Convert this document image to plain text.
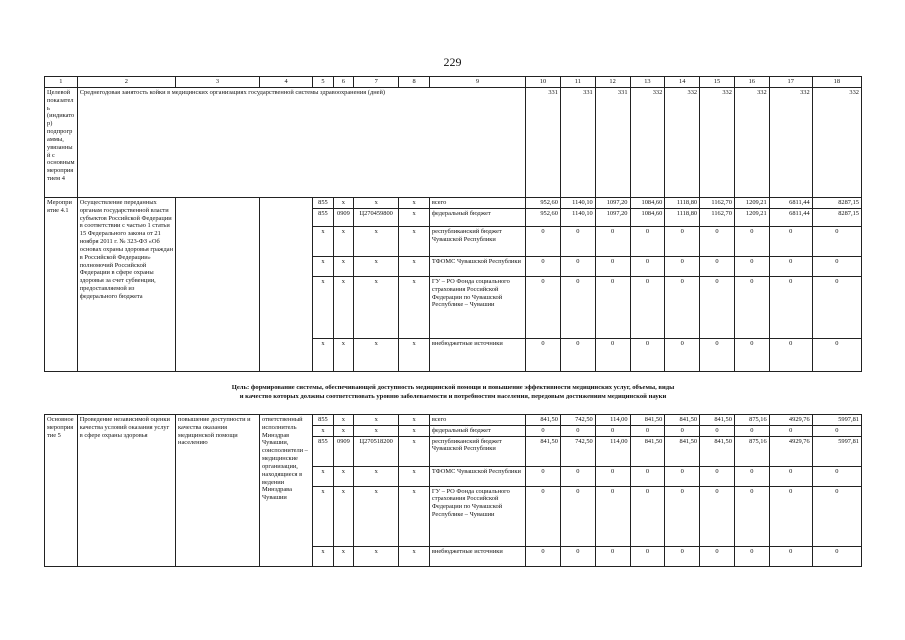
229
1	2	3	4	5	6	7	8	9	10	11	12	13	14	15	16	17	18
Целевой показатель (индикатор) подпрограммы, увязанный с основным мероприятием 4	Среднегодовая занятость койки в медицинских организациях государственной системы здравоохранения (дней)								331	331	331	332	332	332	332	332	332
Мероприятие 4.1	Осуществление переданных органам государственной власти субъектов Российской Федерации в соответствии с частью 1 статьи 15 Федерального закона от 21 ноября 2011 г. № 323-ФЗ «Об основах охраны здоровья граждан в Российской Федерации» полномочий Российской Федерации в сфере охраны здоровья за счет субвенции, предоставляемой из федерального бюджета			855	х	х	х	всего	952,60	1140,10	1097,20	1084,60	1118,80	1162,70	1209,21	6811,44	8287,15
				855	0909	Ц270459800	х	федеральный бюджет	952,60	1140,10	1097,20	1084,60	1118,80	1162,70	1209,21	6811,44	8287,15
				х	х	х	х	республиканский бюджет Чувашской Республики	0	0	0	0	0	0	0	0	0
				х	х	х	х	ТФОМС Чувашской Республики	0	0	0	0	0	0	0	0	0
				х	х	х	х	ГУ – РО Фонда социального страхования Российской Федерации по Чувашской Республике – Чувашии	0	0	0	0	0	0	0	0	0
				х	х	х	х	внебюджетные источники	0	0	0	0	0	0	0	0	0
Цель: формирование системы, обеспечивающей доступность медицинской помощи и повышение эффективности медицинских услуг, объемы, виды
и качество которых должны соответствовать уровню заболеваемости и потребностям населения, передовым достижениям медицинской науки
Основное мероприятие 5	Проведение независимой оценки качества условий оказания услуг в сфере охраны здоровья	повышение доступности и качества оказания медицинской помощи населению	ответственный исполнитель Минздрав Чувашии, соисполнители – медицинские организации, находящиеся в ведении Минздрава Чувашии	855	х	х	х	всего	841,50	742,50	114,00	841,50	841,50	841,50	875,16	4929,76	5997,81
				х	х	х	х	федеральный бюджет	0	0	0	0	0	0	0	0	0
				855	0909	Ц270518200	х	республиканский бюджет Чувашской Республики	841,50	742,50	114,00	841,50	841,50	841,50	875,16	4929,76	5997,81
				х	х	х	х	ТФОМС Чувашской Республики	0	0	0	0	0	0	0	0	0
				х	х	х	х	ГУ – РО Фонда социального страхования Российской Федерации по Чувашской Республике – Чувашии	0	0	0	0	0	0	0	0	0
				х	х	х	х	внебюджетные источники	0	0	0	0	0	0	0	0	0
